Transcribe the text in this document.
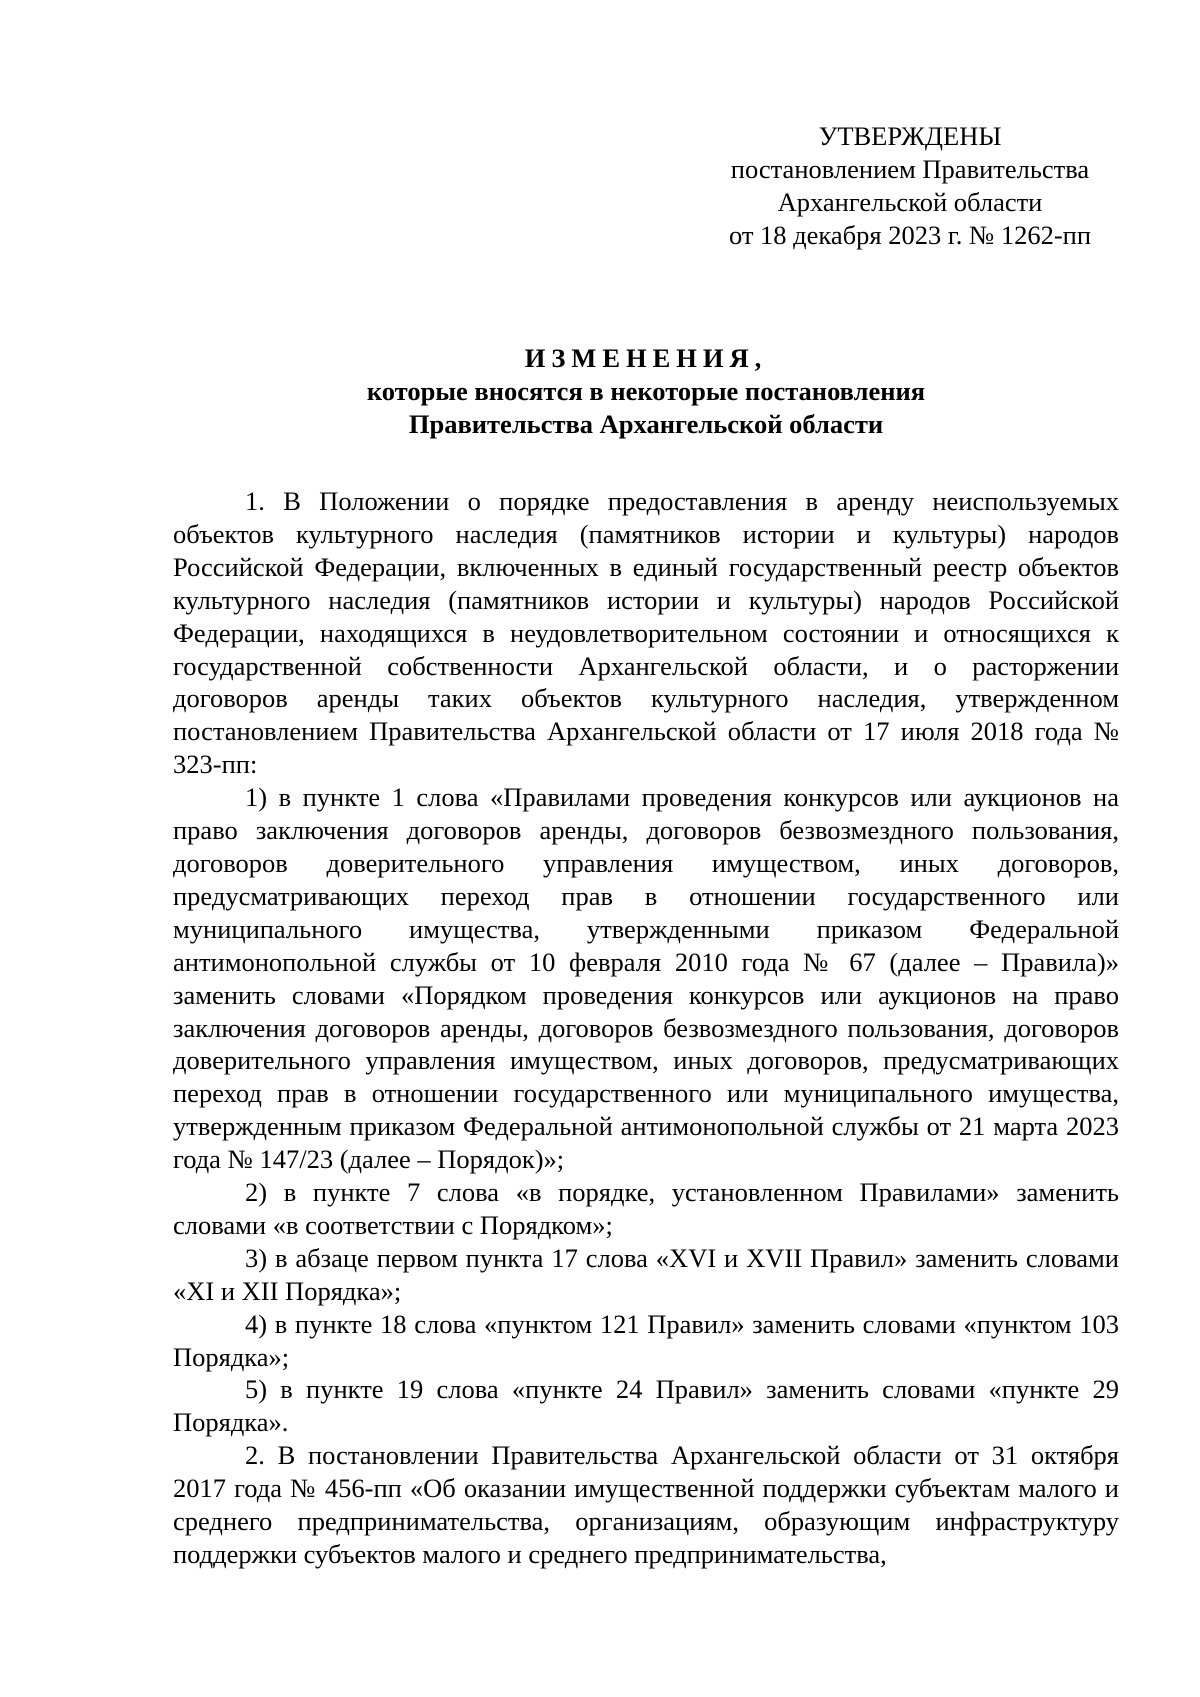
УТВЕРЖДЕНЫ
постановлением Правительства
Архангельской области
от 18 декабря 2023 г. № 1262-пп
ИЗМЕНЕНИЯ,
которые вносятся в некоторые постановления
Правительства Архангельской области

1. В Положении о порядке предоставления в аренду неиспользуемых объектов культурного наследия (памятников истории и культуры) народов Российской Федерации, включенных в единый государственный реестр объектов культурного наследия (памятников истории и культуры) народов Российской Федерации, находящихся в неудовлетворительном состоянии и относящихся к государственной собственности Архангельской области, и о расторжении договоров аренды таких объектов культурного наследия, утвержденном постановлением Правительства Архангельской области от 17 июля 2018 года № 323-пп:

1) в пункте 1 слова «Правилами проведения конкурсов или аукционов на право заключения договоров аренды, договоров безвозмездного пользования, договоров доверительного управления имуществом, иных договоров, предусматривающих переход прав в отношении государственного или муниципального имущества, утвержденными приказом Федеральной антимонопольной службы от 10 февраля 2010 года № 67 (далее – Правила)» заменить словами «Порядком проведения конкурсов или аукционов на право заключения договоров аренды, договоров безвозмездного пользования, договоров доверительного управления имуществом, иных договоров, предусматривающих переход прав в отношении государственного или муниципального имущества, утвержденным приказом Федеральной антимонопольной службы от 21 марта 2023 года № 147/23 (далее – Порядок)»;

2) в пункте 7 слова «в порядке, установленном Правилами» заменить словами «в соответствии с Порядком»;

3) в абзаце первом пункта 17 слова «XVI и XVII Правил» заменить словами «XI и XII Порядка»;

4) в пункте 18 слова «пунктом 121 Правил» заменить словами «пунктом 103 Порядка»;

5) в пункте 19 слова «пункте 24 Правил» заменить словами «пункте 29 Порядка».

2. В постановлении Правительства Архангельской области от 31 октября 2017 года № 456-пп «Об оказании имущественной поддержки субъектам малого и среднего предпринимательства, организациям, образующим инфраструктуру поддержки субъектов малого и среднего предпринимательства,
